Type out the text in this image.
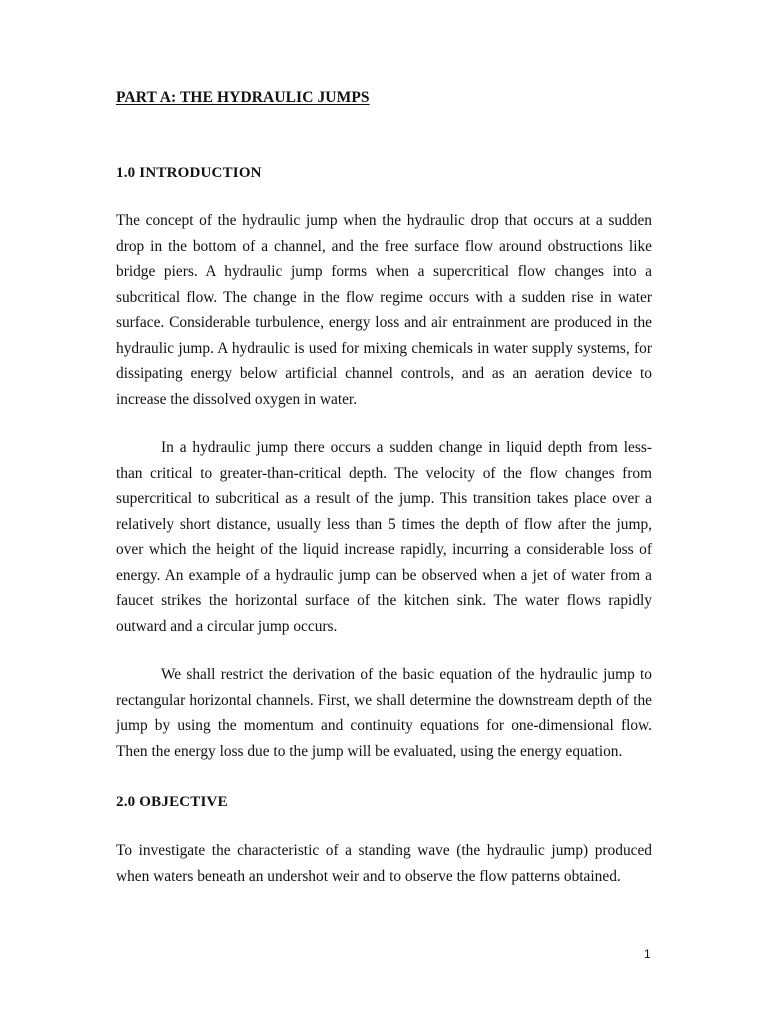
PART A: THE HYDRAULIC JUMPS
1.0 INTRODUCTION

The concept of the hydraulic jump when the hydraulic drop that occurs at a sudden drop in the bottom of a channel, and the free surface flow around obstructions like bridge piers. A hydraulic jump forms when a supercritical flow changes into a subcritical flow. The change in the flow regime occurs with a sudden rise in water surface. Considerable turbulence, energy loss and air entrainment are produced in the hydraulic jump. A hydraulic is used for mixing chemicals in water supply systems, for dissipating energy below artificial channel controls, and as an aeration device to increase the dissolved oxygen in water.

In a hydraulic jump there occurs a sudden change in liquid depth from less-than critical to greater-than-critical depth. The velocity of the flow changes from supercritical to subcritical as a result of the jump. This transition takes place over a relatively short distance, usually less than 5 times the depth of flow after the jump, over which the height of the liquid increase rapidly, incurring a considerable loss of energy. An example of a hydraulic jump can be observed when a jet of water from a faucet strikes the horizontal surface of the kitchen sink. The water flows rapidly outward and a circular jump occurs.

We shall restrict the derivation of the basic equation of the hydraulic jump to rectangular horizontal channels. First, we shall determine the downstream depth of the jump by using the momentum and continuity equations for one-dimensional flow. Then the energy loss due to the jump will be evaluated, using the energy equation.

2.0 OBJECTIVE

To investigate the characteristic of a standing wave (the hydraulic jump) produced when waters beneath an undershot weir and to observe the flow patterns obtained.

1
